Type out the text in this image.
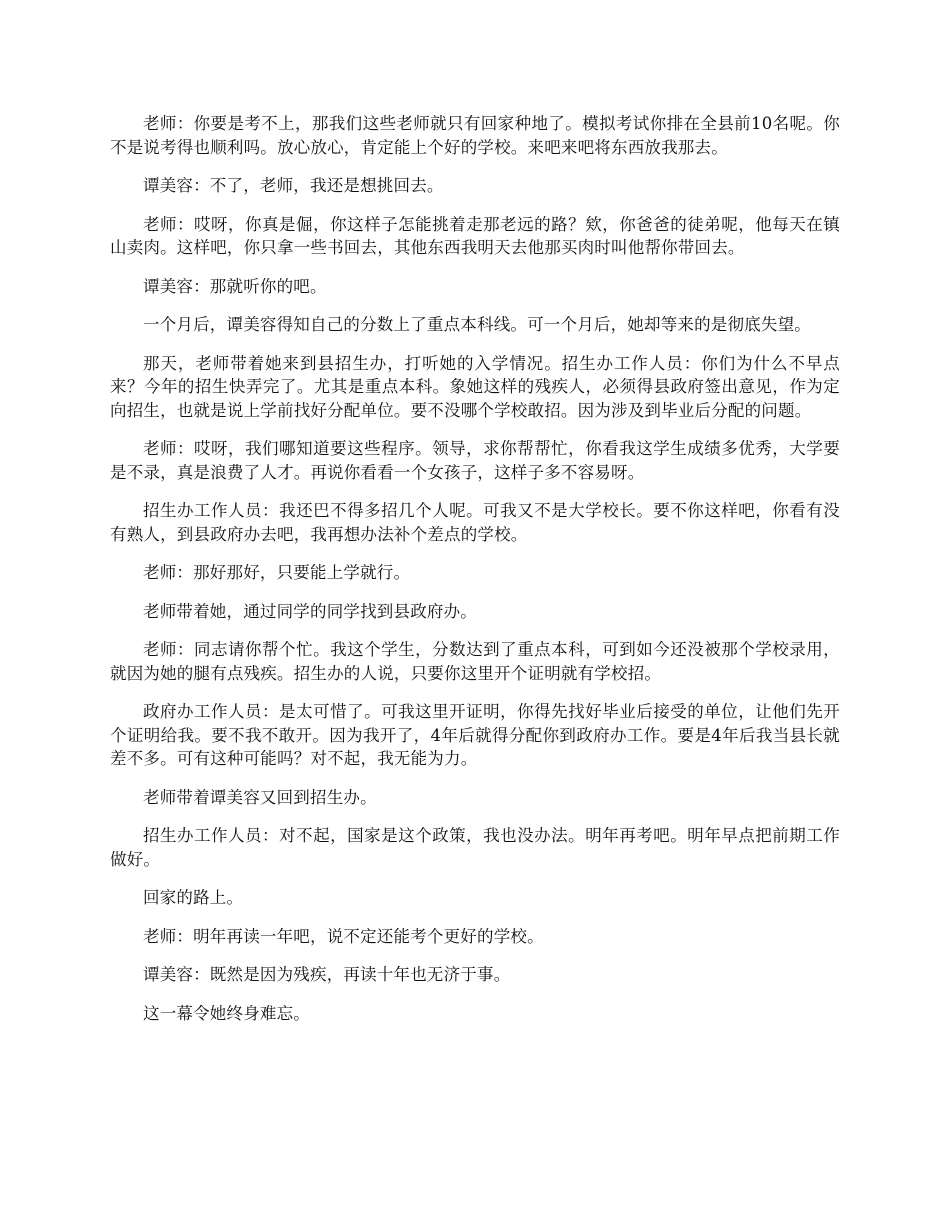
老师：你要是考不上，那我们这些老师就只有回家种地了。模拟考试你排在全县前10名呢。你不是说考得也顺利吗。放心放心，肯定能上个好的学校。来吧来吧将东西放我那去。

谭美容：不了，老师，我还是想挑回去。

老师：哎呀，你真是倔，你这样子怎能挑着走那老远的路？欸，你爸爸的徒弟呢，他每天在镇山卖肉。这样吧，你只拿一些书回去，其他东西我明天去他那买肉时叫他帮你带回去。

谭美容：那就听你的吧。

一个月后，谭美容得知自己的分数上了重点本科线。可一个月后，她却等来的是彻底失望。

那天，老师带着她来到县招生办，打听她的入学情况。招生办工作人员：你们为什么不早点来？今年的招生快弄完了。尤其是重点本科。象她这样的残疾人，必须得县政府签出意见，作为定向招生，也就是说上学前找好分配单位。要不没哪个学校敢招。因为涉及到毕业后分配的问题。

老师：哎呀，我们哪知道要这些程序。领导，求你帮帮忙，你看我这学生成绩多优秀，大学要是不录，真是浪费了人才。再说你看看一个女孩子，这样子多不容易呀。

招生办工作人员：我还巴不得多招几个人呢。可我又不是大学校长。要不你这样吧，你看有没有熟人，到县政府办去吧，我再想办法补个差点的学校。

老师：那好那好，只要能上学就行。

老师带着她，通过同学的同学找到县政府办。

老师：同志请你帮个忙。我这个学生，分数达到了重点本科，可到如今还没被那个学校录用，就因为她的腿有点残疾。招生办的人说，只要你这里开个证明就有学校招。

政府办工作人员：是太可惜了。可我这里开证明，你得先找好毕业后接受的单位，让他们先开个证明给我。要不我不敢开。因为我开了，4年后就得分配你到政府办工作。要是4年后我当县长就差不多。可有这种可能吗？对不起，我无能为力。

老师带着谭美容又回到招生办。

招生办工作人员：对不起，国家是这个政策，我也没办法。明年再考吧。明年早点把前期工作做好。

回家的路上。

老师：明年再读一年吧，说不定还能考个更好的学校。

谭美容：既然是因为残疾，再读十年也无济于事。

这一幕令她终身难忘。
